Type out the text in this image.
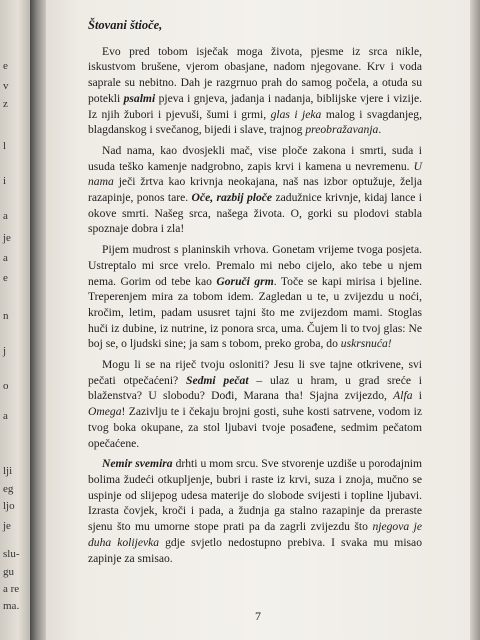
e
v
z
l
i
a
je
a
e
n
j
o
a
lji
eg
ljo
je
slu-
gu
a re
ma.
Štovani štioče,

Evo pred tobom isječak moga života, pjesme iz srca nikle, iskustvom brušene, vjerom obasjane, nadom njegovane. Krv i voda saprale su nebitno. Dah je razgrnuo prah do samog počela, a otuda su potekli psalmi pjeva i gnjeva, jadanja i nadanja, biblijske vjere i vizije. Iz njih žubori i pjevuši, šumi i grmi, glas i jeka malog i svagdanjeg, blagdanskog i svečanog, bijedi i slave, trajnog preobražavanja.

Nad nama, kao dvosjekli mač, vise ploče zakona i smrti, suda i usuda teško kamenje nadgrobno, zapis krvi i kamena u nevremenu. U nama ječi žrtva kao krivnja neokajana, naš nas izbor optužuje, želja razapinje, ponos tare. Oče, razbij ploče zadužnice krivnje, kidaj lance i okove smrti. Našeg srca, našega života. O, gorki su plodovi stabla spoznaje dobra i zla!

Pijem mudrost s planinskih vrhova. Gonetam vrijeme tvoga posjeta. Ustreptalo mi srce vrelo. Premalo mi nebo cijelo, ako tebe u njem nema. Gorim od tebe kao Goruči grm. Toče se kapi mirisa i bjeline. Treperenjem mira za tobom idem. Zagledan u te, u zvijezdu u noći, kročim, letim, padam ususret tajni što me zvijezdom mami. Stoglas huči iz dubine, iz nutrine, iz ponora srca, uma. Čujem li to tvoj glas: Ne boj se, o ljudski sine; ja sam s tobom, preko groba, do uskrsnuća!

Mogu li se na riječ tvoju osloniti? Jesu li sve tajne otkrivene, svi pečati otpečaćeni? Sedmi pečat – ulaz u hram, u grad sreće i blaženstva? U slobodu? Dođi, Marana tha! Sjajna zvijezdo, Alfa i Omega! Zazivlju te i čekaju brojni gosti, suhe kosti satrvene, vodom iz tvog boka okupane, za stol ljubavi tvoje posađene, sedmim pečatom opečaćene.

Nemir svemira drhti u mom srcu. Sve stvorenje uzdiše u porodajnim bolima žudeći otkupljenje, bubri i raste iz krvi, suza i znoja, mučno se uspinje od slijepog udesa materije do slobode svijesti i topline ljubavi. Izrasta čovjek, kroči i pada, a žudnja ga stalno razapinje da prerastе sjenu što mu umorne stope prati pa da zagrli zvijezdu što njegova je duha kolijevka gdje svjetlo nedostupno prebiva. I svaka mu misao zapinje za smisao.

7
